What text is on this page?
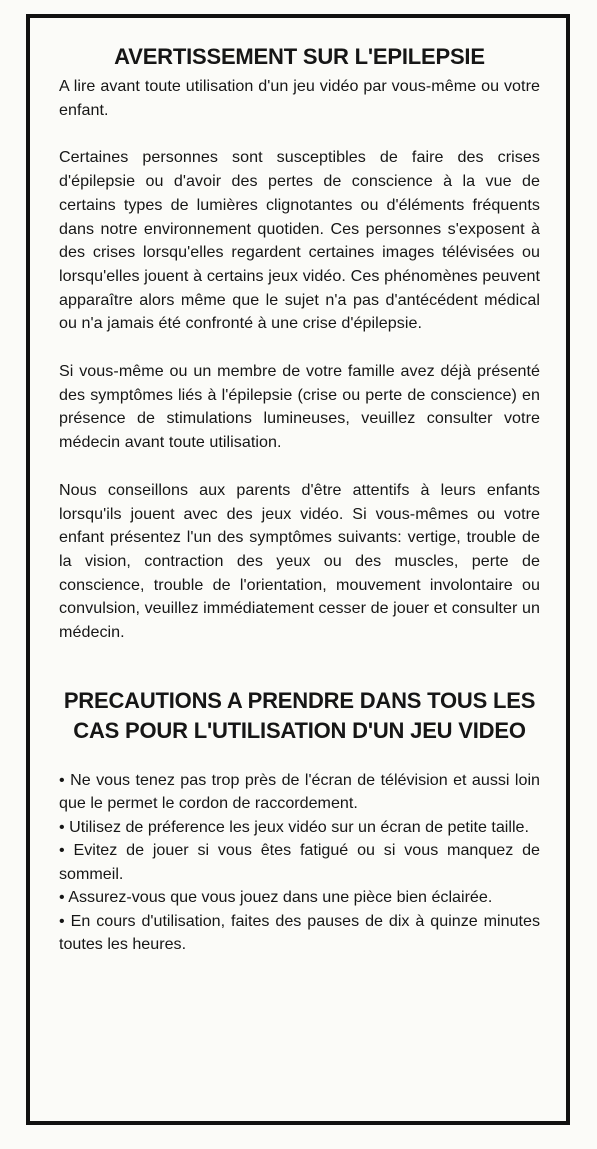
AVERTISSEMENT SUR L'EPILEPSIE

A lire avant toute utilisation d'un jeu vidéo par vous-même ou votre enfant.

Certaines personnes sont susceptibles de faire des crises d'épilepsie ou d'avoir des pertes de conscience à la vue de certains types de lumières clignotantes ou d'éléments fréquents dans notre environnement quotiden. Ces personnes s'exposent à des crises lorsqu'elles regardent certaines images télévisées ou lorsqu'elles jouent à certains jeux vidéo. Ces phénomènes peuvent apparaître alors même que le sujet n'a pas d'antécédent médical ou n'a jamais été confronté à une crise d'épilepsie.

Si vous-même ou un membre de votre famille avez déjà présenté des symptômes liés à l'épilepsie (crise ou perte de conscience) en présence de stimulations lumineuses, veuillez consulter votre médecin avant toute utilisation.

Nous conseillons aux parents d'être attentifs à leurs enfants lorsqu'ils jouent avec des jeux vidéo. Si vous-mêmes ou votre enfant présentez l'un des symptômes suivants: vertige, trouble de la vision, contraction des yeux ou des muscles, perte de conscience, trouble de l'orientation, mouvement involontaire ou convulsion, veuillez immédiatement cesser de jouer et consulter un médecin.

PRECAUTIONS A PRENDRE DANS TOUS LES CAS POUR L'UTILISATION D'UN JEU VIDEO
• Ne vous tenez pas trop près de l'écran de télévision et aussi loin que le permet le cordon de raccordement.
• Utilisez de préference les jeux vidéo sur un écran de petite taille.
• Evitez de jouer si vous êtes fatigué ou si vous manquez de sommeil.
• Assurez-vous que vous jouez dans une pièce bien éclairée.
• En cours d'utilisation, faites des pauses de dix à quinze minutes toutes les heures.
